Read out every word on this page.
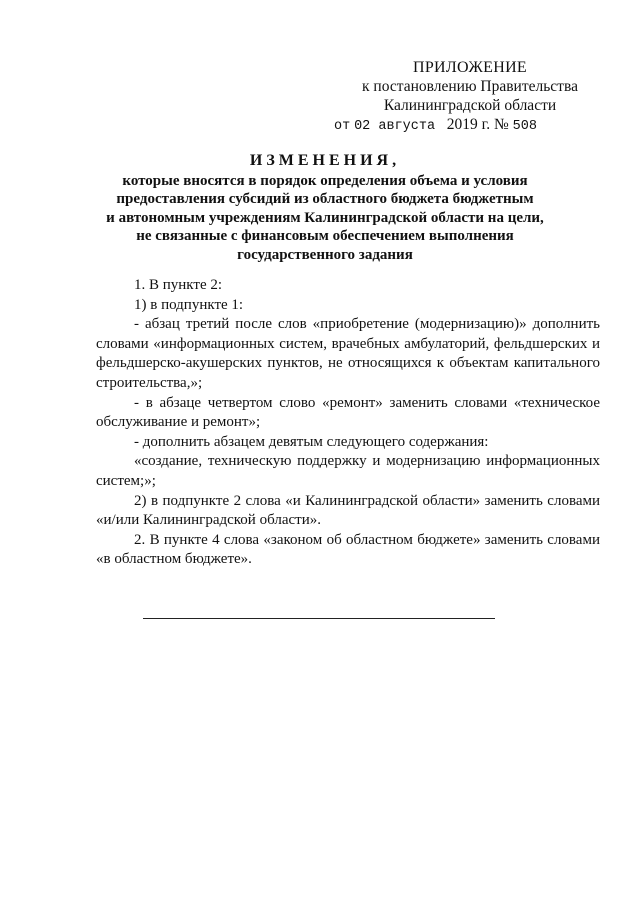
ПРИЛОЖЕНИЕ
к постановлению Правительства
Калининградской области
от 02 августа 2019 г. № 508
ИЗМЕНЕНИЯ,
которые вносятся в порядок определения объема и условия
предоставления субсидий из областного бюджета бюджетным
и автономным учреждениям Калининградской области на цели,
не связанные с финансовым обеспечением выполнения
государственного задания

1. В пункте 2:

1) в подпункте 1:

- абзац третий после слов «приобретение (модернизацию)» дополнить словами «информационных систем, врачебных амбулаторий, фельдшерских и фельдшерско-акушерских пунктов, не относящихся к объектам капитального строительства,»;

- в абзаце четвертом слово «ремонт» заменить словами «техническое обслуживание и ремонт»;

- дополнить абзацем девятым следующего содержания:

«создание, техническую поддержку и модернизацию информационных систем;»;

2) в подпункте 2 слова «и Калининградской области» заменить словами «и/или Калининградской области».

2. В пункте 4 слова «законом об областном бюджете» заменить словами «в областном бюджете».
